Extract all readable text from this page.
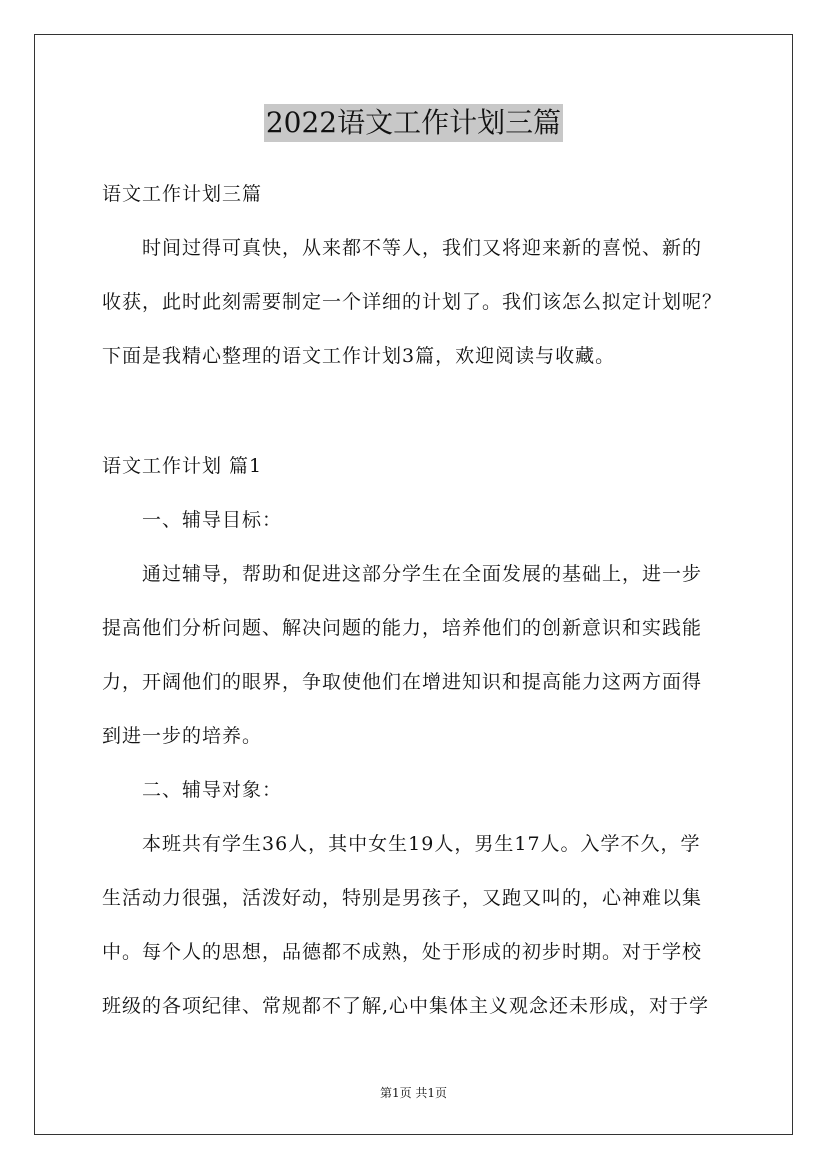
2022语文工作计划三篇
语文工作计划三篇
时间过得可真快，从来都不等人，我们又将迎来新的喜悦、新的
收获，此时此刻需要制定一个详细的计划了。我们该怎么拟定计划呢？
下面是我精心整理的语文工作计划3篇，欢迎阅读与收藏。
语文工作计划 篇1
一、辅导目标：
通过辅导，帮助和促进这部分学生在全面发展的基础上，进一步
提高他们分析问题、解决问题的能力，培养他们的创新意识和实践能
力，开阔他们的眼界，争取使他们在增进知识和提高能力这两方面得
到进一步的培养。
二、辅导对象：
本班共有学生36人，其中女生19人，男生17人。入学不久，学
生活动力很强，活泼好动，特别是男孩子，又跑又叫的，心神难以集
中。每个人的思想，品德都不成熟，处于形成的初步时期。对于学校
班级的各项纪律、常规都不了解,心中集体主义观念还未形成，对于学
第1页 共1页
